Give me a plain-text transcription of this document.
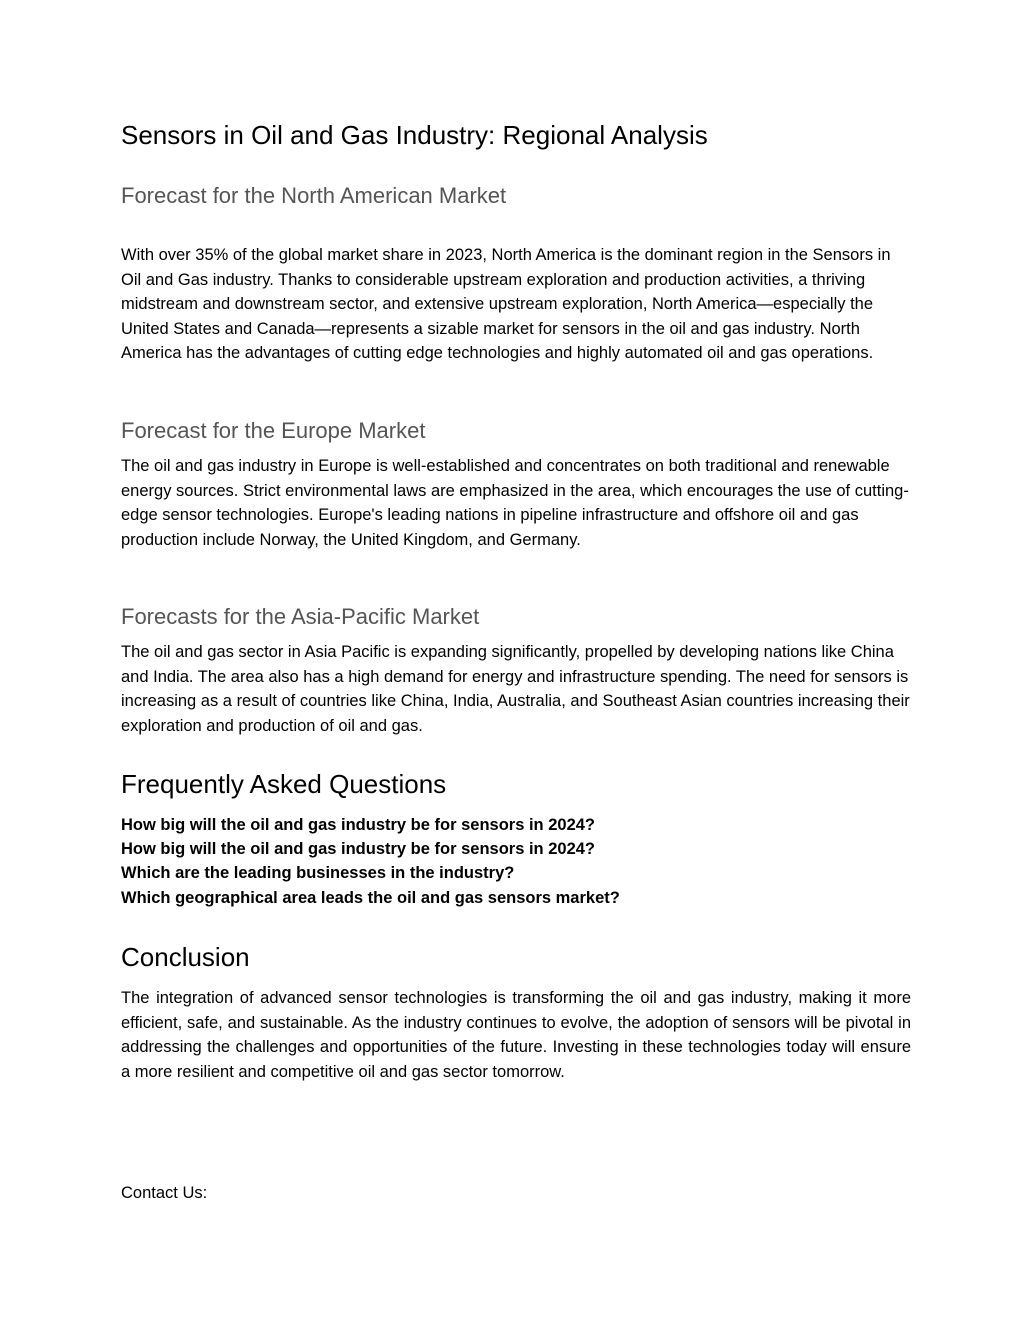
Sensors in Oil and Gas Industry: Regional Analysis
Forecast for the North American Market

With over 35% of the global market share in 2023, North America is the dominant region in the Sensors in Oil and Gas industry. Thanks to considerable upstream exploration and production activities, a thriving midstream and downstream sector, and extensive upstream exploration, North America—especially the United States and Canada—represents a sizable market for sensors in the oil and gas industry. North America has the advantages of cutting edge technologies and highly automated oil and gas operations.

Forecast for the Europe Market

The oil and gas industry in Europe is well-established and concentrates on both traditional and renewable energy sources. Strict environmental laws are emphasized in the area, which encourages the use of cutting-edge sensor technologies. Europe's leading nations in pipeline infrastructure and offshore oil and gas production include Norway, the United Kingdom, and Germany.

Forecasts for the Asia-Pacific Market

The oil and gas sector in Asia Pacific is expanding significantly, propelled by developing nations like China and India. The area also has a high demand for energy and infrastructure spending. The need for sensors is increasing as a result of countries like China, India, Australia, and Southeast Asian countries increasing their exploration and production of oil and gas.

Frequently Asked Questions
How big will the oil and gas industry be for sensors in 2024?
How big will the oil and gas industry be for sensors in 2024?
Which are the leading businesses in the industry?
Which geographical area leads the oil and gas sensors market?
Conclusion

The integration of advanced sensor technologies is transforming the oil and gas industry, making it more efficient, safe, and sustainable. As the industry continues to evolve, the adoption of sensors will be pivotal in addressing the challenges and opportunities of the future. Investing in these technologies today will ensure a more resilient and competitive oil and gas sector tomorrow.

Contact Us:
